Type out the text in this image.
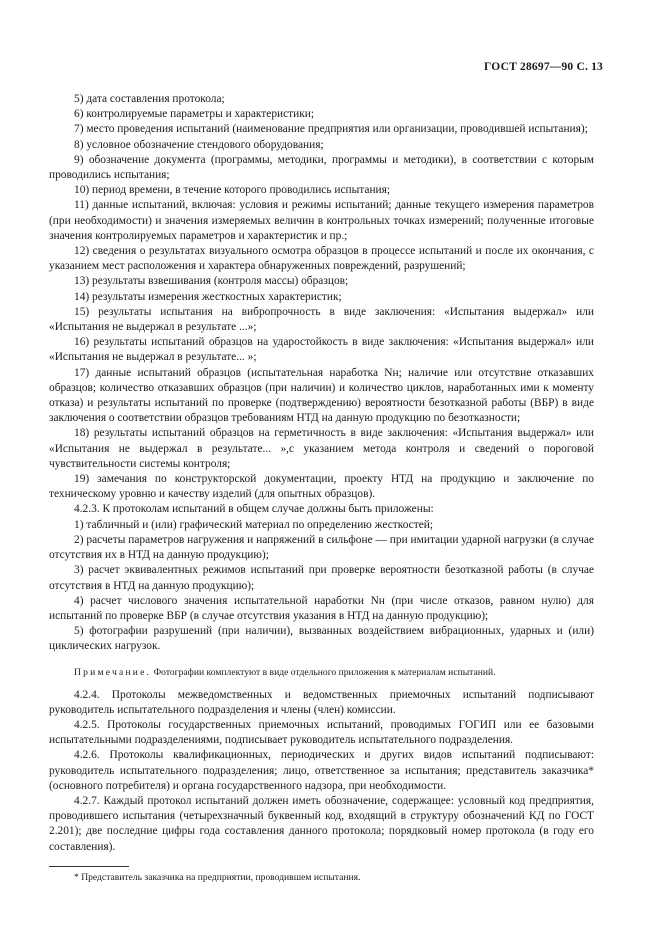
ГОСТ 28697—90 С. 13

5) дата составления протокола;

6) контролируемые параметры и характеристики;

7) место проведения испытаний (наименование предприятия или организации, проводившей испытания);

8) условное обозначение стендового оборудования;

9) обозначение документа (программы, методики, программы и методики), в соответствии с которым проводились испытания;

10) период времени, в течение которого проводились испытания;

11) данные испытаний, включая: условия и режимы испытаний; данные текущего измерения параметров (при необходимости) и значения измеряемых величин в контрольных точках измерений; полученные итоговые значения контролируемых параметров и характеристик и пр.;

12) сведения о результатах визуального осмотра образцов в процессе испытаний и после их окончания, с указанием мест расположения и характера обнаруженных повреждений, разрушений;

13) результаты взвешивания (контроля массы) образцов;

14) результаты измерения жесткостных характеристик;

15) результаты испытания на вибропрочность в виде заключения: «Испытания выдержал» или «Испытания не выдержал в результате ...»;

16) результаты испытаний образцов на ударостойкость в виде заключения: «Испытания выдержал» или «Испытания не выдержал в результате... »;

17) данные испытаний образцов (испытательная наработка Nн; наличие или отсутствие отказавших образцов; количество отказавших образцов (при наличии) и количество циклов, наработанных ими к моменту отказа) и результаты испытаний по проверке (подтверждению) вероятности безотказной работы (ВБР) в виде заключения о соответствии образцов требованиям НТД на данную продукцию по безотказности;

18) результаты испытаний образцов на герметичность в виде заключения: «Испытания выдержал» или «Испытания не выдержал в результате... »,с указанием метода контроля и сведений о пороговой чувствительности системы контроля;

19) замечания по конструкторской документации, проекту НТД на продукцию и заключение по техническому уровню и качеству изделий (для опытных образцов).

4.2.3. К протоколам испытаний в общем случае должны быть приложены:

1) табличный и (или) графический материал по определению жесткостей;

2) расчеты параметров нагружения и напряжений в сильфоне — при имитации ударной нагрузки (в случае отсутствия их в НТД на данную продукцию);

3) расчет эквивалентных режимов испытаний при проверке вероятности безотказной работы (в случае отсутствия в НТД на данную продукцию);

4) расчет числового значения испытательной наработки Nн (при числе отказов, равном нулю) для испытаний по проверке ВБР (в случае отсутствия указания в НТД на данную продукцию);

5) фотографии разрушений (при наличии), вызванных воздействием вибрационных, ударных и (или) циклических нагрузок.

Примечание. Фотографии комплектуют в виде отдельного приложения к материалам испытаний.

4.2.4. Протоколы межведомственных и ведомственных приемочных испытаний подписывают руководитель испытательного подразделения и члены (член) комиссии.

4.2.5. Протоколы государственных приемочных испытаний, проводимых ГОГИП или ее базовыми испытательными подразделениями, подписывает руководитель испытательного подразделения.

4.2.6. Протоколы квалификационных, периодических и других видов испытаний подписывают: руководитель испытательного подразделения; лицо, ответственное за испытания; представитель заказчика* (основного потребителя) и органа государственного надзора, при необходимости.

4.2.7. Каждый протокол испытаний должен иметь обозначение, содержащее: условный код предприятия, проводившего испытания (четырехзначный буквенный код, входящий в структуру обозначений КД по ГОСТ 2.201); две последние цифры года составления данного протокола; порядковый номер протокола (в году его составления).

* Представитель заказчика на предприятии, проводившем испытания.
